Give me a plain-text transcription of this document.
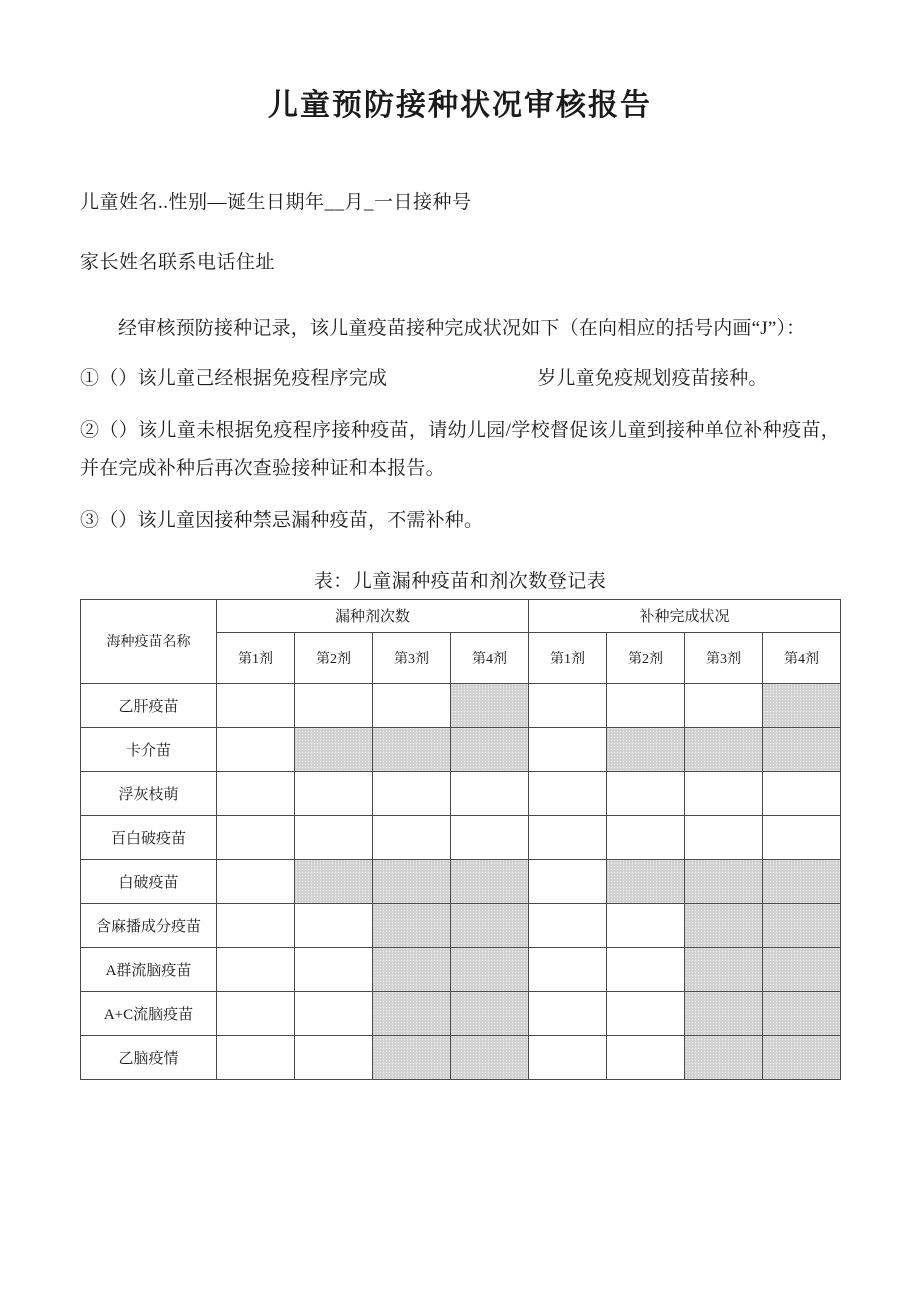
儿童预防接种状况审核报告
儿童姓名..性别—诞生日期年__月_一日接种号
家长姓名联系电话住址

经审核预防接种记录，该儿童疫苗接种完成状况如下（在向相应的括号内画“J”）：

①（）该儿童己经根据免疫程序完成	岁儿童免疫规划疫苗接种。

②（）该儿童未根据免疫程序接种疫苗，请幼儿园/学校督促该儿童到接种单位补种疫苗，并在完成补种后再次查验接种证和本报告。

③（）该儿童因接种禁忌漏种疫苗，不需补种。

表：儿童漏种疫苗和剂次数登记表
海种疫苗名称	漏种剂次数				补种完成状况			
	第1剂	第2剂	第3剂	第4剂	第1剂	第2剂	第3剂	第4剂
乙肝疫苗								
卡介苗								
浮灰枝萌								
百白破疫苗								
白破疫苗								
含麻播成分疫苗								
A群流脑疫苗								
A+C流脑疫苗								
乙脑疫情								
